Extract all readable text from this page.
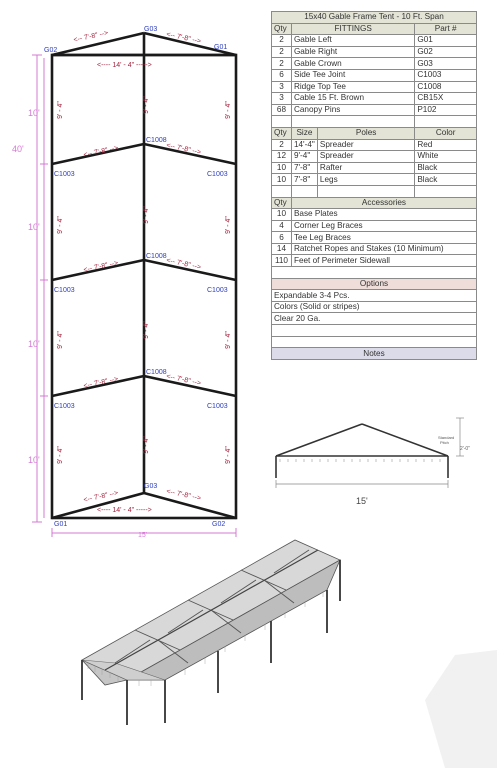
40'
10'
10'
10'
10'
15'
<---- 14' - 4" ----->
<---- 14' - 4" ----->
<-- 7'-8" -->	<-- 7'-8" -->
<-- 7'-8" -->	<-- 7'-8" -->
<-- 7'-8" -->	<-- 7'-8" -->
<-- 7'-8" -->	<-- 7'-8" -->
<-- 7'-8" -->	<-- 7'-8" -->
9' - 4"	9' - 4"	9' - 4"
9' - 4"
9' - 4"
9' - 4"
9' - 4"
9' - 4"
9' - 4"
9' - 4"
9' - 4"
9' - 4"
G02	G01
G03
C1008
C1008
C1008
C1003	C1003
C1003	C1003
C1003	C1003
G03
G01	G02
15x40 Gable Frame Tent - 10 Ft. Span			
Qty	FITTINGS		Part #
2	Gable Left		G01
2	Gable Right		G02
2	Gable Crown		G03
6	Side Tee Joint		C1003
3	Ridge Top Tee		C1008
3	Cable 15 Ft. Brown		CB15X
68	Canopy Pins		P102

Qty	Size	Poles	Color
2	14'-4"	Spreader	Red
12	9'-4"	Spreader	White
10	7'-8"	Rafter	Black
10	7'-8"	Legs	Black

Qty	Accessories		
10	Base Plates		
4	Corner Leg Braces		
6	Tee Leg Braces		
14	Ratchet Ropes and Stakes (10 Minimum)		
110	Feet of Perimeter Sidewall		

Options			
Expandable 3-4 Pcs.			
Colors (Solid or stripes)			
Clear 20 Ga.			

Notes			
15'
Standard
Pitch
2'-0"
